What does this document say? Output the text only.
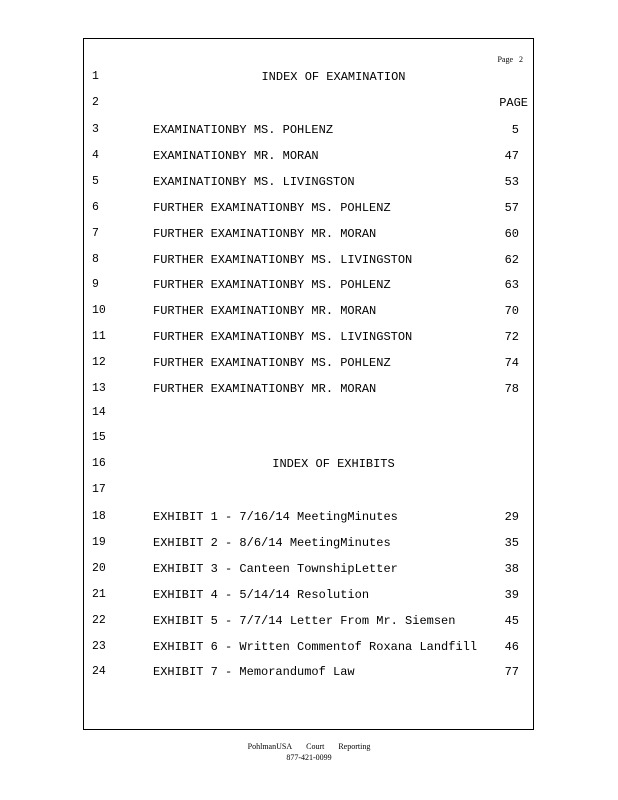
Page 2
1	INDEX OF EXAMINATION
2	PAGE
3	EXAMINATIONBY MS. POHLENZ	5
4	EXAMINATIONBY MR. MORAN	47
5	EXAMINATIONBY MS. LIVINGSTON	53
6	FURTHER EXAMINATIONBY MS. POHLENZ	57
7	FURTHER EXAMINATIONBY MR. MORAN	60
8	FURTHER EXAMINATIONBY MS. LIVINGSTON	62
9	FURTHER EXAMINATIONBY MS. POHLENZ	63
10	FURTHER EXAMINATIONBY MR. MORAN	70
11	FURTHER EXAMINATIONBY MS. LIVINGSTON	72
12	FURTHER EXAMINATIONBY MS. POHLENZ	74
13	FURTHER EXAMINATIONBY MR. MORAN	78
14
15
16	INDEX OF EXHIBITS
17
18	EXHIBIT 1 - 7/16/14 MeetingMinutes	29
19	EXHIBIT 2 - 8/6/14 MeetingMinutes	35
20	EXHIBIT 3 - Canteen TownshipLetter	38
21	EXHIBIT 4 - 5/14/14 Resolution	39
22	EXHIBIT 5 - 7/7/14 Letter From Mr. Siemsen	45
23	EXHIBIT 6 - Written Commentof Roxana Landfill 46
24	EXHIBIT 7 - Memorandumof Law	77
PohlmanUSA Court Reporting
877-421-0099
